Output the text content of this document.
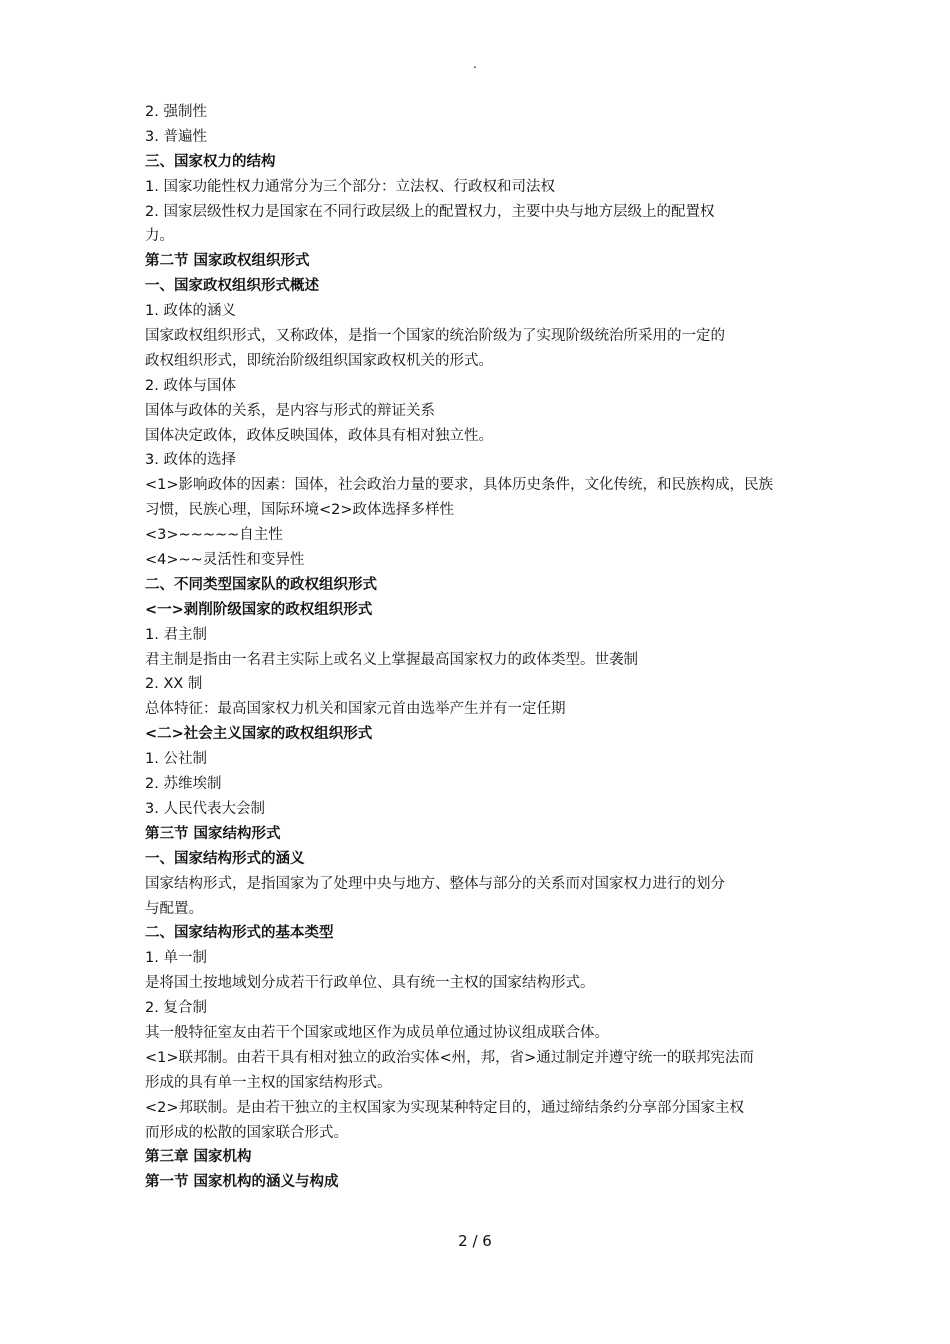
.
2. 强制性
3. 普遍性
三、国家权力的结构
1. 国家功能性权力通常分为三个部分：立法权、行政权和司法权
2. 国家层级性权力是国家在不同行政层级上的配置权力，主要中央与地方层级上的配置权
力。
第二节 国家政权组织形式
一、国家政权组织形式概述
1. 政体的涵义
国家政权组织形式，又称政体，是指一个国家的统治阶级为了实现阶级统治所采用的一定的
政权组织形式，即统治阶级组织国家政权机关的形式。
2. 政体与国体
国体与政体的关系，是内容与形式的辩证关系
国体决定政体，政体反映国体，政体具有相对独立性。
3. 政体的选择
<1>影响政体的因素：国体，社会政治力量的要求，具体历史条件，文化传统，和民族构成，民族
习惯，民族心理，国际环境<2>政体选择多样性
<3>~~~~~自主性
<4>~~灵活性和变异性
二、不同类型国家队的政权组织形式
<一>剥削阶级国家的政权组织形式
1. 君主制
君主制是指由一名君主实际上或名义上掌握最高国家权力的政体类型。世袭制
2. XX 制
总体特征：最高国家权力机关和国家元首由选举产生并有一定任期
<二>社会主义国家的政权组织形式
1. 公社制
2. 苏维埃制
3. 人民代表大会制
第三节 国家结构形式
一、国家结构形式的涵义
国家结构形式，是指国家为了处理中央与地方、整体与部分的关系而对国家权力进行的划分
与配置。
二、国家结构形式的基本类型
1. 单一制
是将国土按地域划分成若干行政单位、具有统一主权的国家结构形式。
2. 复合制
其一般特征室友由若干个国家或地区作为成员单位通过协议组成联合体。
<1>联邦制。由若干具有相对独立的政治实体<州，邦，省>通过制定并遵守统一的联邦宪法而
形成的具有单一主权的国家结构形式。
<2>邦联制。是由若干独立的主权国家为实现某种特定目的，通过缔结条约分享部分国家主权
而形成的松散的国家联合形式。
第三章 国家机构
第一节 国家机构的涵义与构成
2 / 6
